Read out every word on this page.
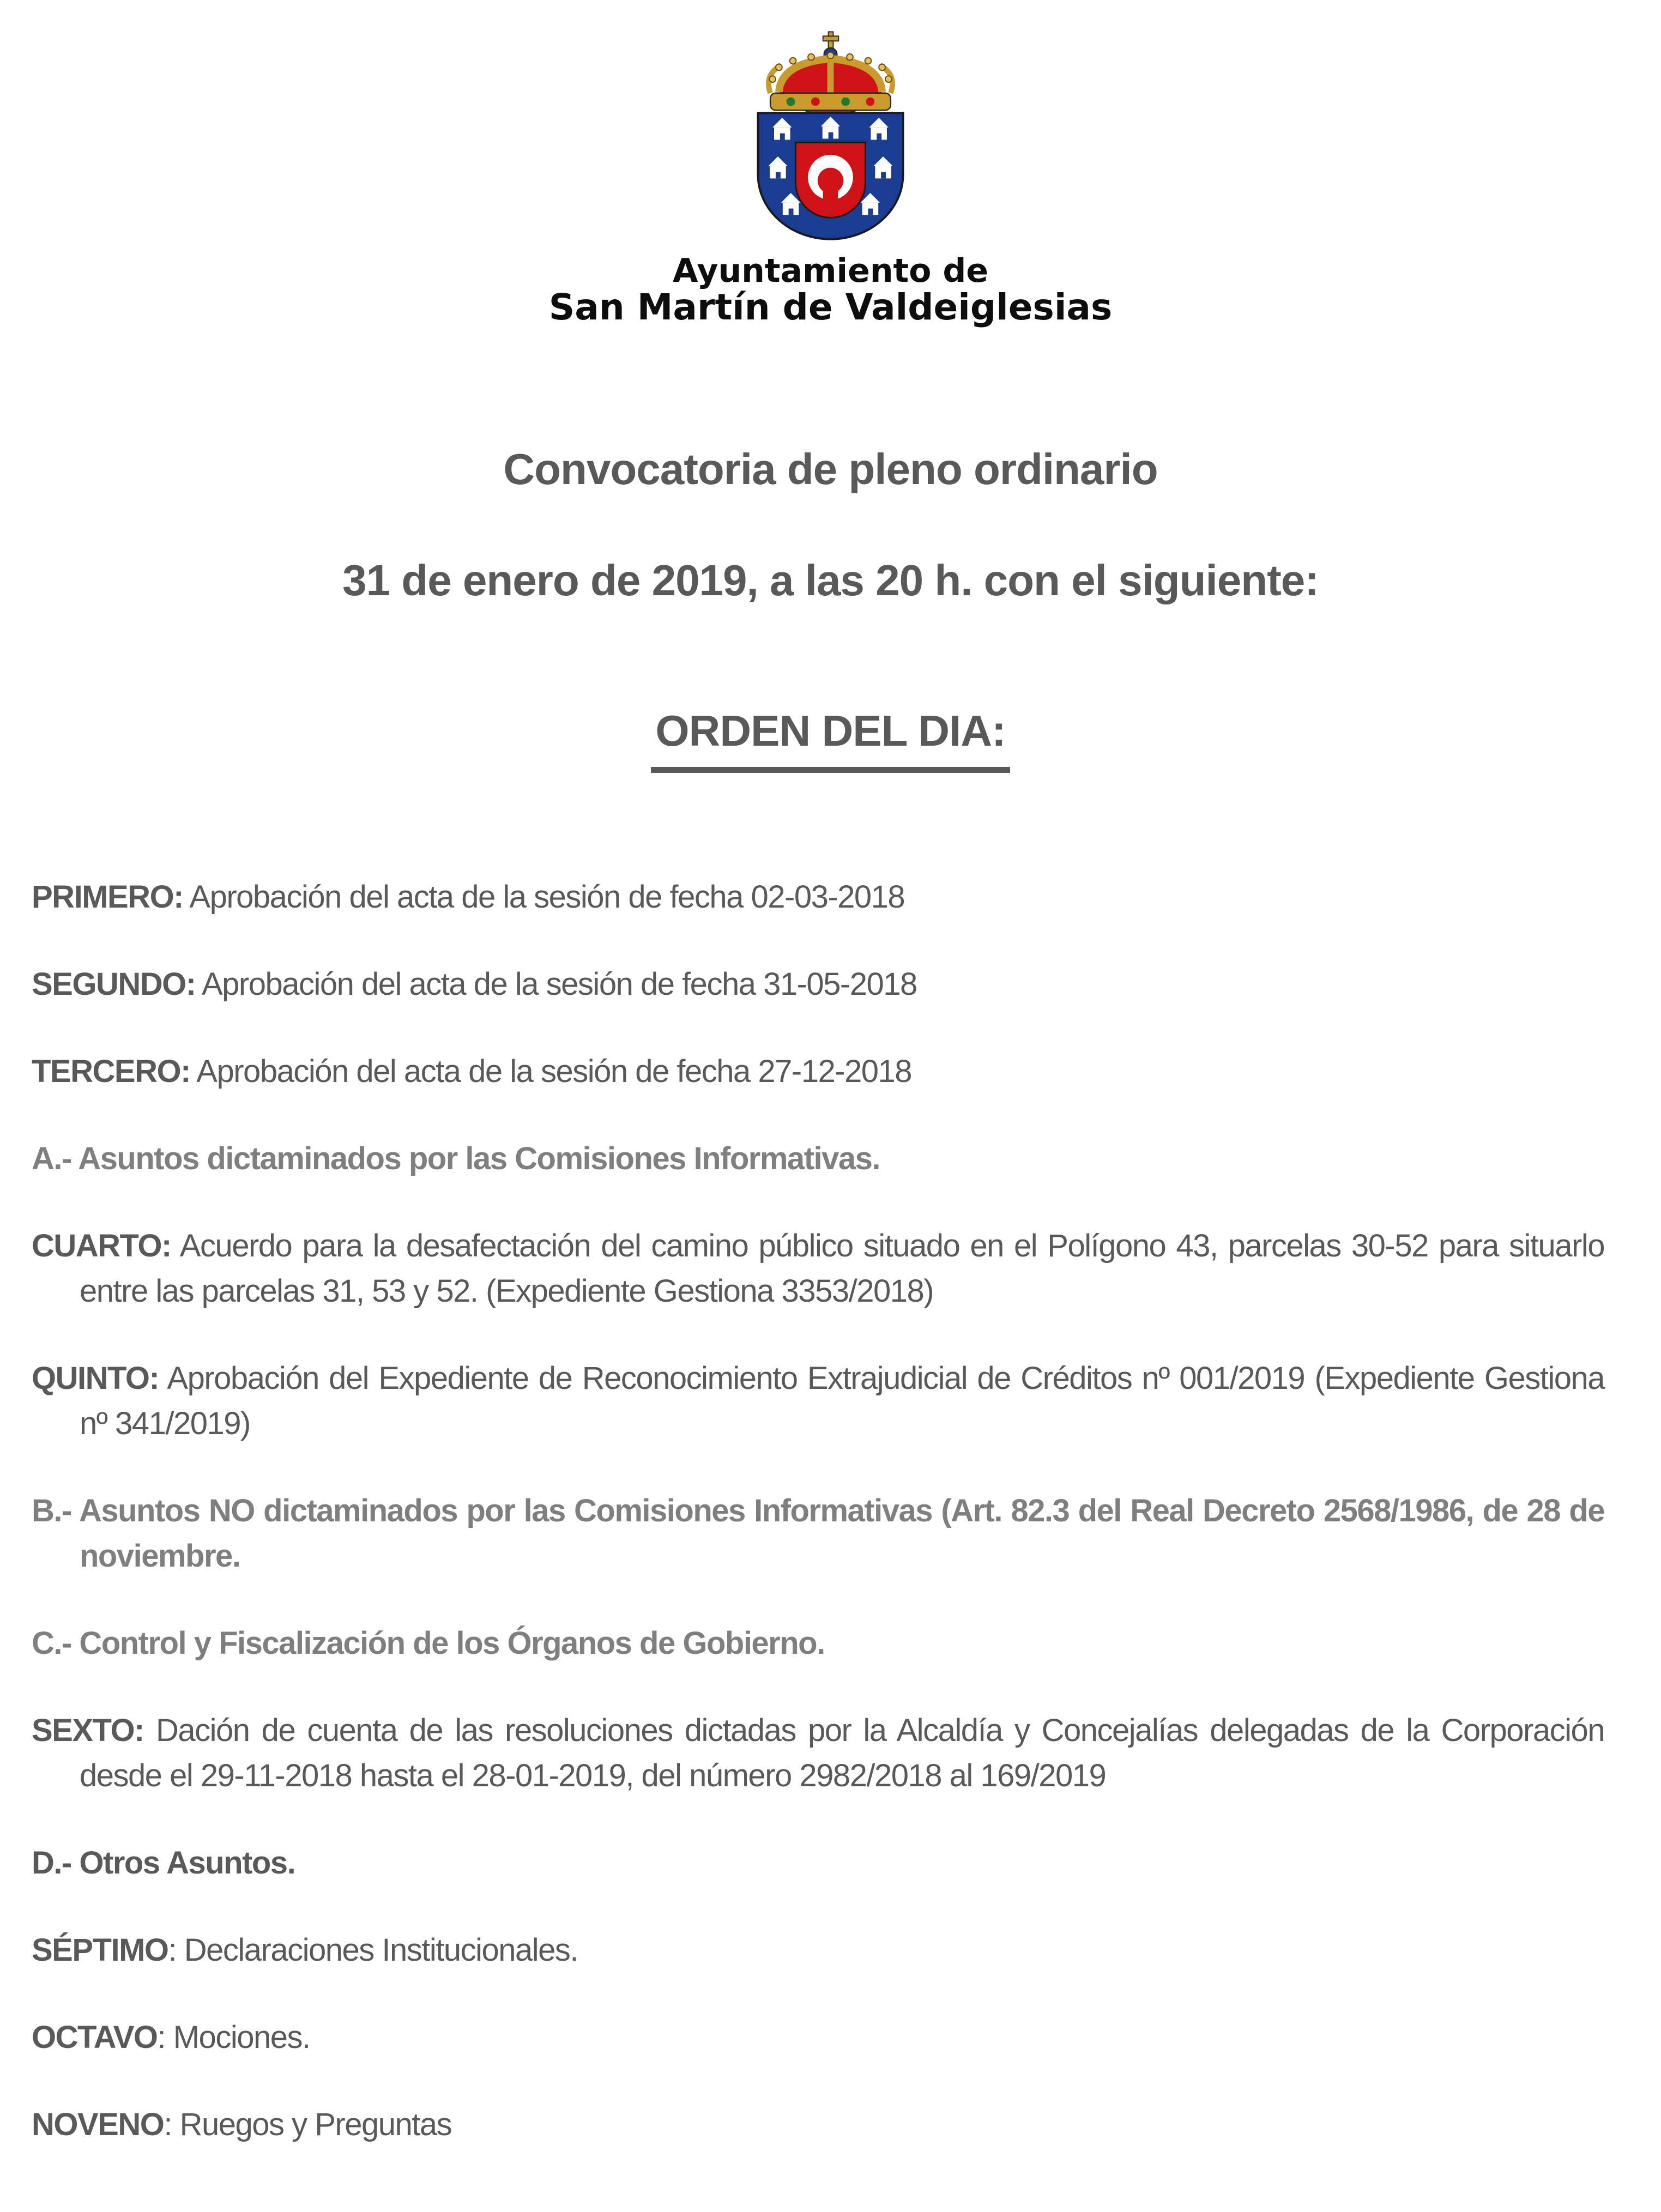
Ayuntamiento de
San Martín de Valdeiglesias
Convocatoria de pleno ordinario
31 de enero de 2019, a las 20 h. con el siguiente:
ORDEN DEL DIA:
PRIMERO: Aprobación del acta de la sesión de fecha 02-03-2018
SEGUNDO: Aprobación del acta de la sesión de fecha 31-05-2018
TERCERO: Aprobación del acta de la sesión de fecha 27-12-2018
A.- Asuntos dictaminados por las Comisiones Informativas.
CUARTO: Acuerdo para la desafectación del camino público situado en el Polígono 43, parcelas 30-52 para situarlo entre las parcelas 31, 53 y 52. (Expediente Gestiona 3353/2018)
QUINTO: Aprobación del Expediente de Reconocimiento Extrajudicial de Créditos nº 001/2019 (Expediente Gestiona nº 341/2019)
B.- Asuntos NO dictaminados por las Comisiones Informativas (Art. 82.3 del Real Decreto 2568/1986, de 28 de noviembre.
C.- Control y Fiscalización de los Órganos de Gobierno.
SEXTO: Dación de cuenta de las resoluciones dictadas por la Alcaldía y Concejalías delegadas de la Corporación desde el 29-11-2018 hasta el 28-01-2019, del número 2982/2018 al 169/2019
D.- Otros Asuntos.
SÉPTIMO: Declaraciones Institucionales.
OCTAVO: Mociones.
NOVENO: Ruegos y Preguntas
